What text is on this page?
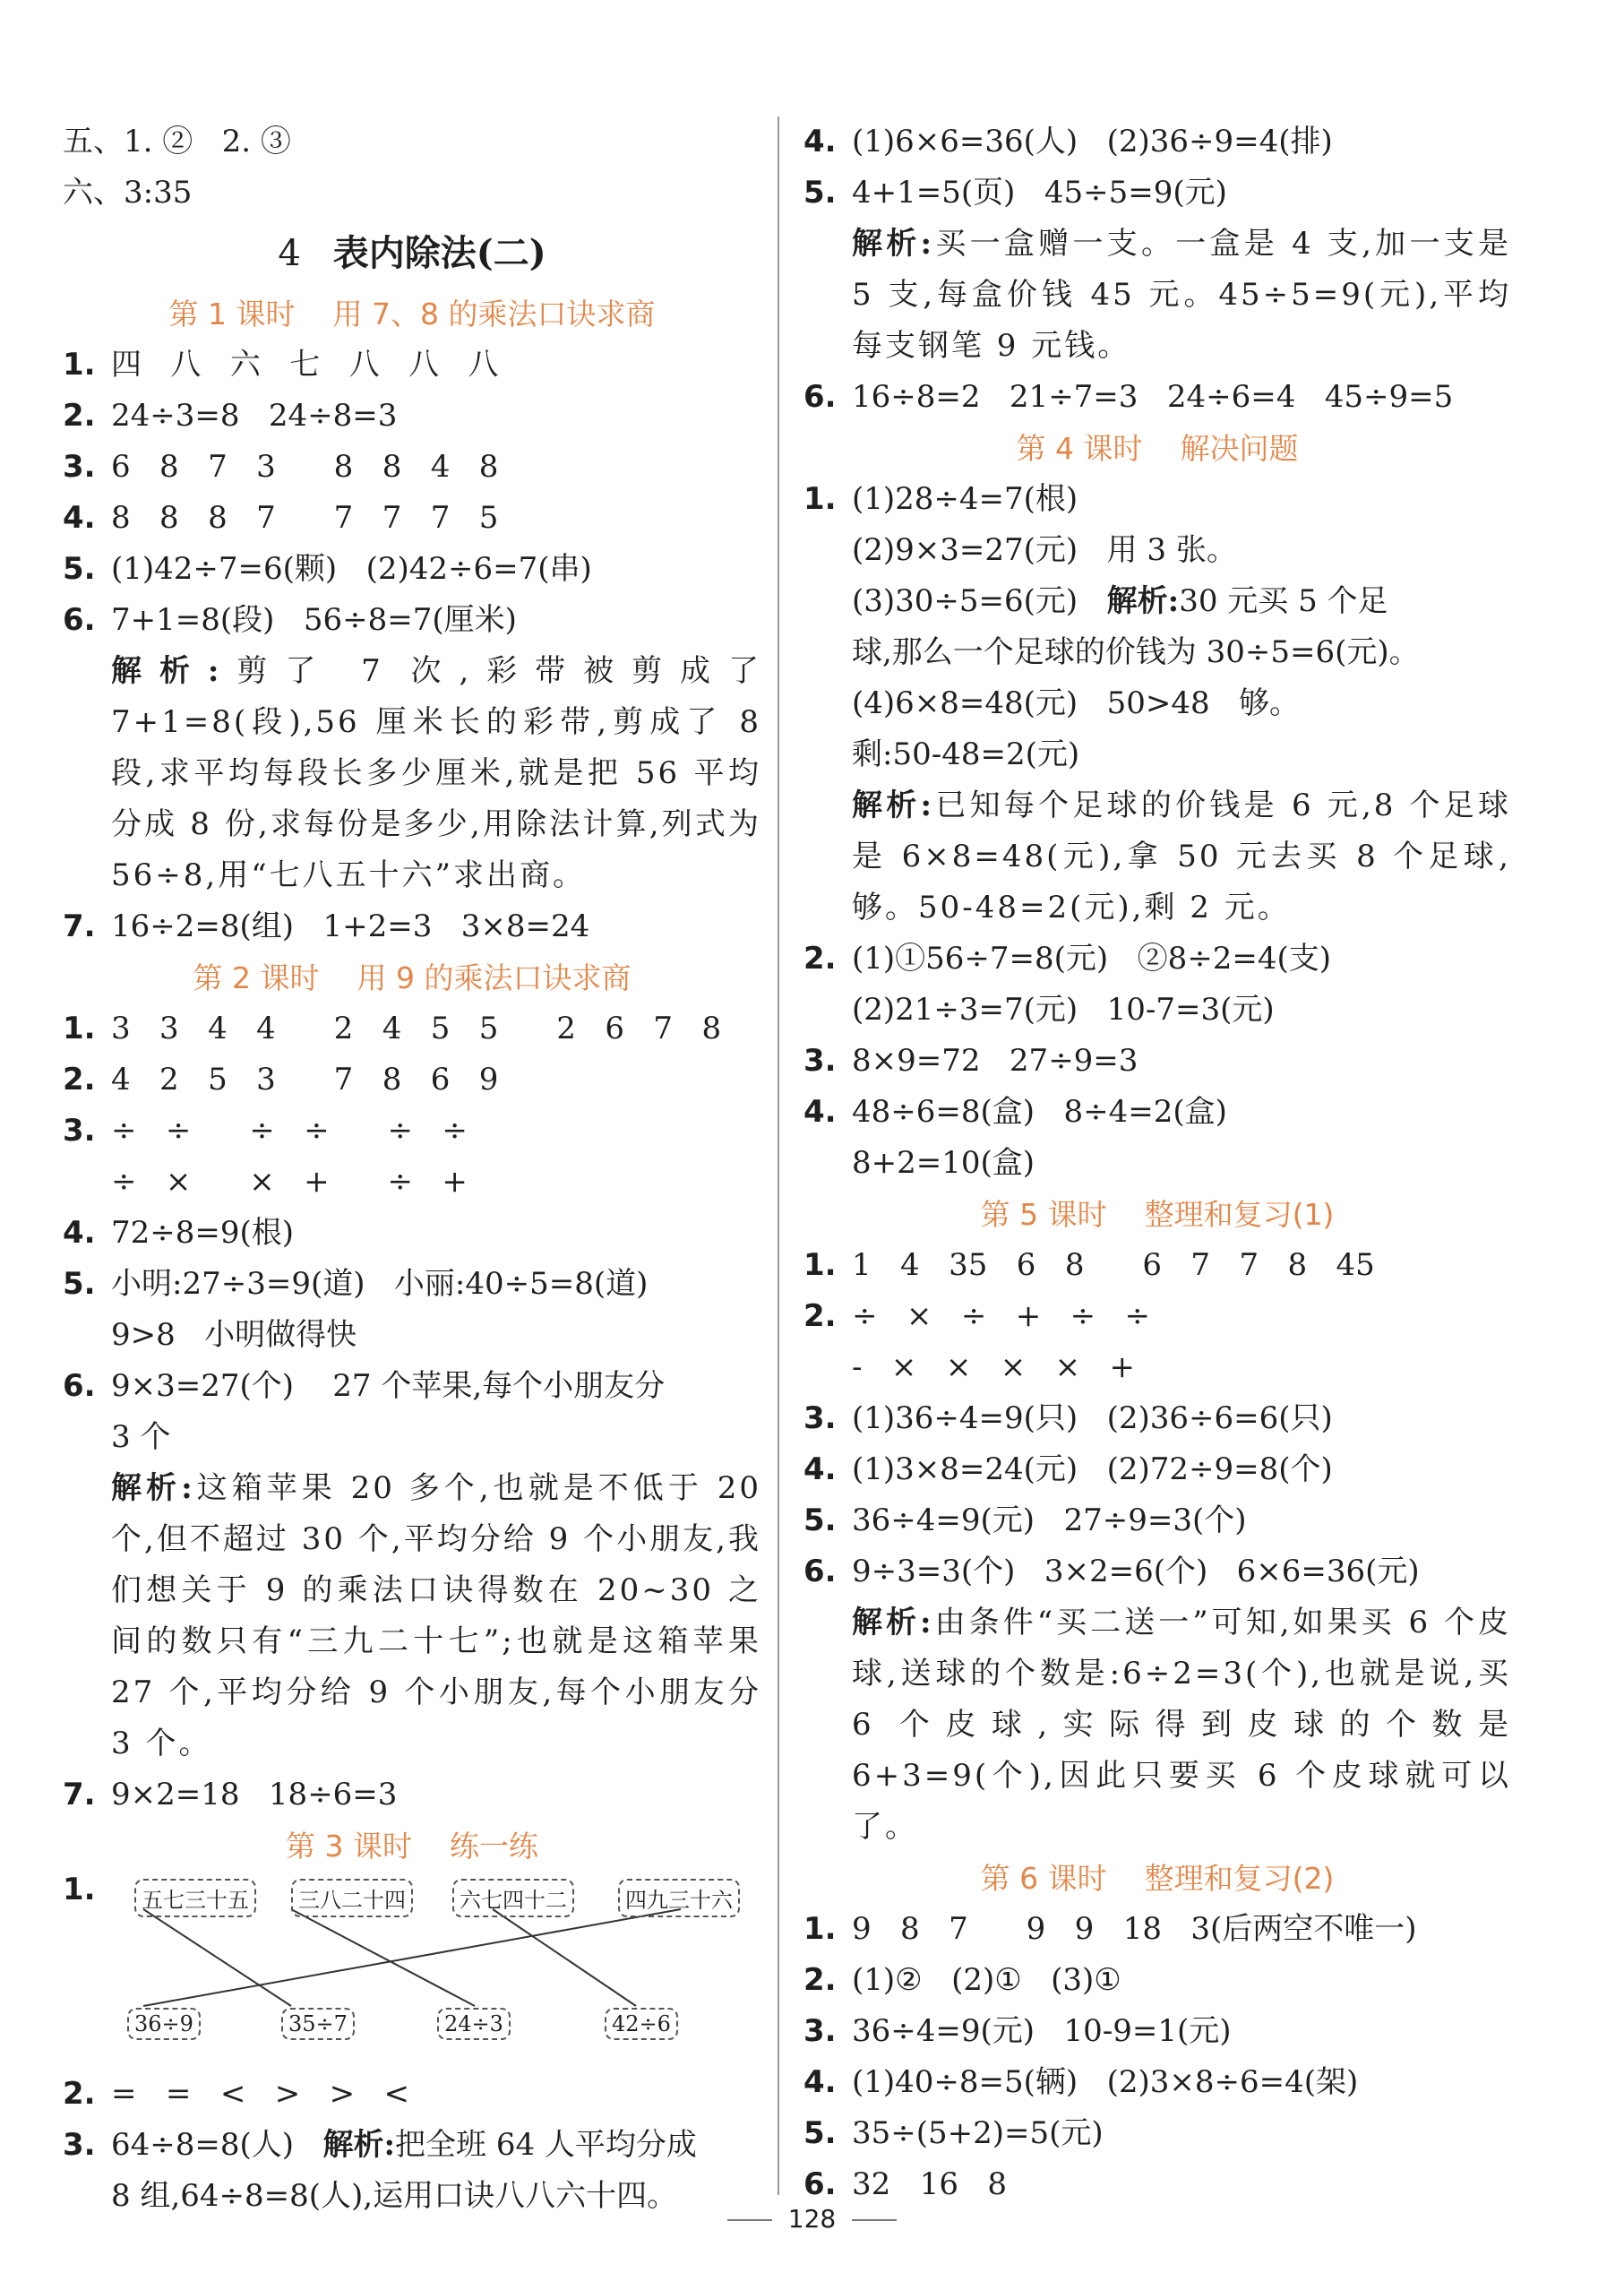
五、1. ②   2. ③
六、3:35
4 表内除法(二)
第 1 课时    用 7、8 的乘法口诀求商
1. 四   八   六   七   八   八   八
2. 24÷3=8   24÷8=3
3. 6   8   7   3      8   8   4   8
4. 8   8   8   7      7   7   7   5
5. (1)42÷7=6(颗)   (2)42÷6=7(串)
6. 7+1=8(段)   56÷8=7(厘米)
解析:剪了 7 次,彩带被剪成了 7+1=8(段),56 厘米长的彩带,剪成了 8 段,求平均每段长多少厘米,就是把 56 平均分成 8 份,求每份是多少,用除法计算,列式为 56÷8,用“七八五十六”求出商。
7. 16÷2=8(组)   1+2=3   3×8=24
第 2 课时    用 9 的乘法口诀求商
1. 3   3   4   4      2   4   5   5      2   6   7   8
2. 4   2   5   3      7   8   6   9
3. ÷   ÷      ÷   ÷      ÷   ÷
÷   ×      ×   +      ÷   +
4. 72÷8=9(根)
5. 小明:27÷3=9(道)   小丽:40÷5=8(道)
9>8   小明做得快
6. 9×3=27(个)    27 个苹果,每个小朋友分
3 个
解析:这箱苹果 20 多个,也就是不低于 20 个,但不超过 30 个,平均分给 9 个小朋友,我们想关于 9 的乘法口诀得数在 20~30 之间的数只有“三九二十七”;也就是这箱苹果 27 个,平均分给 9 个小朋友,每个小朋友分 3 个。
7. 9×2=18   18÷6=3
第 3 课时    练一练
1.	五七三十五	三八二十四	六七四十二	四九三十六
36÷9	35÷7	24÷3	42÷6
2. =   =   <   >   >   <
3. 64÷8=8(人)   解析:把全班 64 人平均分成
8 组,64÷8=8(人),运用口诀八八六十四。
4. (1)6×6=36(人)   (2)36÷9=4(排)
5. 4+1=5(页)   45÷5=9(元)
解析:买一盒赠一支。一盒是 4 支,加一支是 5 支,每盒价钱 45 元。45÷5=9(元),平均每支钢笔 9 元钱。
6. 16÷8=2   21÷7=3   24÷6=4   45÷9=5
第 4 课时    解决问题
1. (1)28÷4=7(根)
(2)9×3=27(元)   用 3 张。
(3)30÷5=6(元)   解析:30 元买 5 个足
球,那么一个足球的价钱为 30÷5=6(元)。
(4)6×8=48(元)   50>48   够。
剩:50-48=2(元)
解析:已知每个足球的价钱是 6 元,8 个足球是 6×8=48(元),拿 50 元去买 8 个足球,够。50-48=2(元),剩 2 元。
2. (1)①56÷7=8(元)   ②8÷2=4(支)
(2)21÷3=7(元)   10-7=3(元)
3. 8×9=72   27÷9=3
4. 48÷6=8(盒)   8÷4=2(盒)
8+2=10(盒)
第 5 课时    整理和复习(1)
1. 1   4   35   6   8      6   7   7   8   45
2. ÷   ×   ÷   +   ÷   ÷
-   ×   ×   ×   ×   +
3. (1)36÷4=9(只)   (2)36÷6=6(只)
4. (1)3×8=24(元)   (2)72÷9=8(个)
5. 36÷4=9(元)   27÷9=3(个)
6. 9÷3=3(个)   3×2=6(个)   6×6=36(元)
解析:由条件“买二送一”可知,如果买 6 个皮球,送球的个数是:6÷2=3(个),也就是说,买 6 个皮球,实际得到皮球的个数是 6+3=9(个),因此只要买 6 个皮球就可以了。
第 6 课时    整理和复习(2)
1. 9   8   7      9   9   18   3(后两空不唯一)
2. (1)②   (2)①   (3)①
3. 36÷4=9(元)   10-9=1(元)
4. (1)40÷8=5(辆)   (2)3×8÷6=4(架)
5. 35÷(5+2)=5(元)
6. 32   16   8
128
